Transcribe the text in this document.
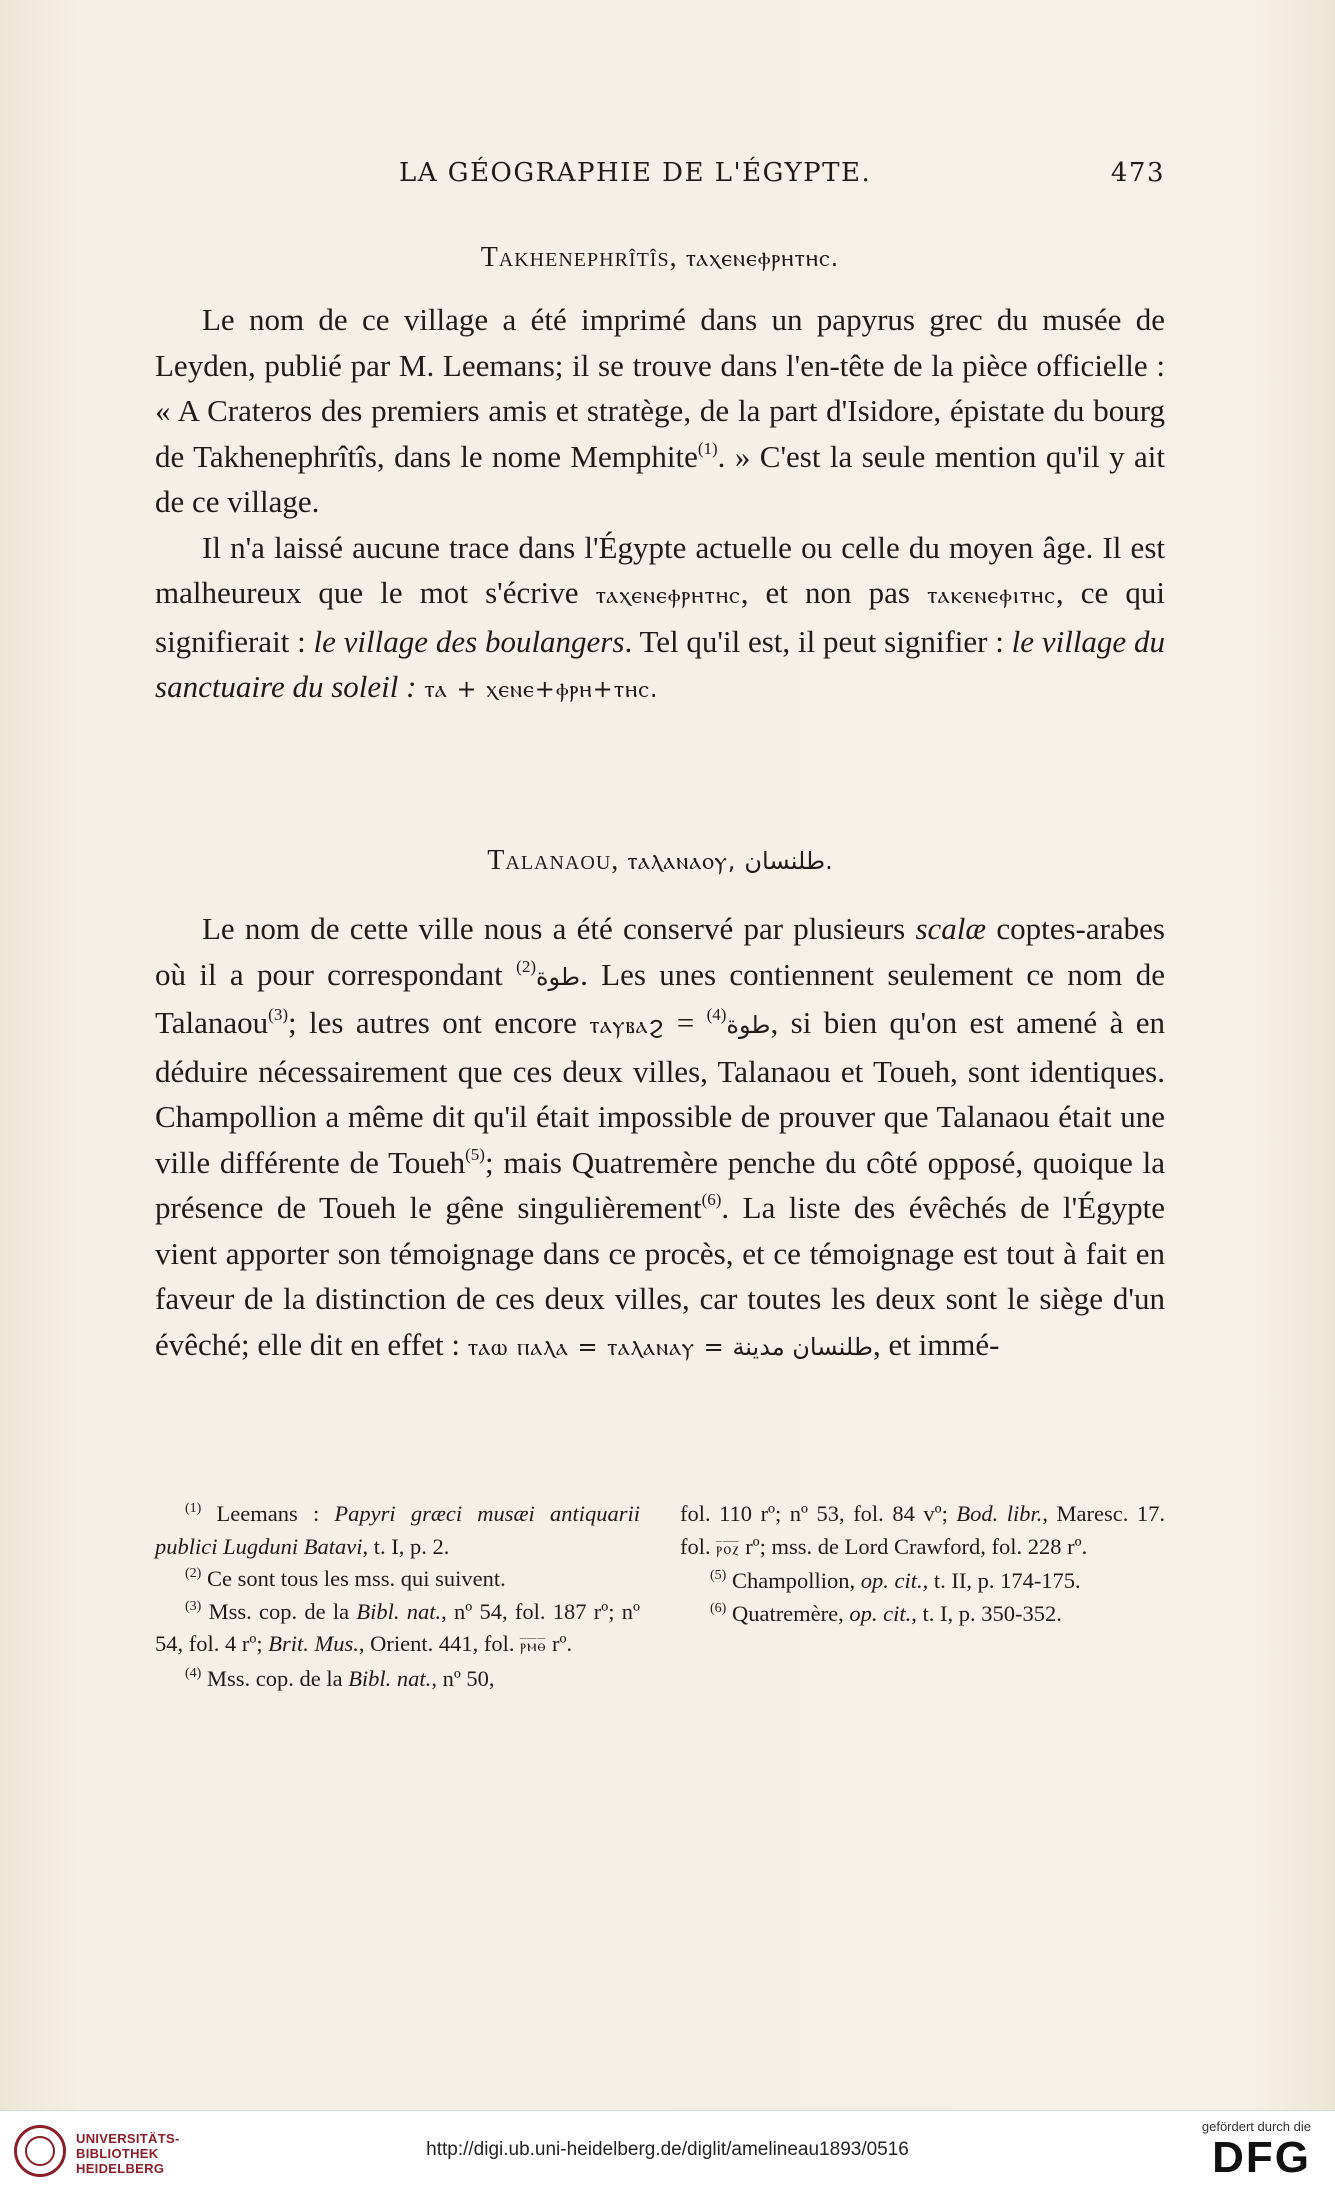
LA GÉOGRAPHIE DE L'ÉGYPTE.	473
Takhenephrîtîs, ⲧⲁⲭⲉⲛⲉⲫⲣⲏⲧⲏⲥ.

Le nom de ce village a été imprimé dans un papyrus grec du musée de Leyden, publié par M. Leemans; il se trouve dans l'en-tête de la pièce officielle : « A Crateros des premiers amis et stratège, de la part d'Isidore, épistate du bourg de Takhenephrîtîs, dans le nome Memphite$^{(1)}$. » C'est la seule mention qu'il y ait de ce village.

Il n'a laissé aucune trace dans l'Égypte actuelle ou celle du moyen âge. Il est malheureux que le mot s'écrive ⲧⲁⲭⲉⲛⲉⲫⲣⲏⲧⲏⲥ, et non pas ⲧⲁⲕⲉⲛⲉⲫⲓⲧⲏⲥ, ce qui signifierait : le village des boulangers. Tel qu'il est, il peut signifier : le village du sanctuaire du soleil : ⲧⲁ + ⲭⲉⲛⲉ+ⲫⲣⲏ+ⲧⲏⲥ.

Talanaou, ⲧⲁⲗⲁⲛⲁⲟⲩ, طلنسان.

Le nom de cette ville nous a été conservé par plusieurs scalæ coptes-arabes où il a pour correspondant طوة$^{(2)}$ . Les unes contiennent seulement ce nom de Talanaou$^{(3)}$; les autres ont encore ⲧⲁⲩⲃⲁϩ = طوة$^{(4)}$ , si bien qu'on est amené à en déduire nécessairement que ces deux villes, Talanaou et Toueh, sont identiques. Champollion a même dit qu'il était impossible de prouver que Talanaou était une ville différente de Toueh$^{(5)}$; mais Quatremère penche du côté opposé, quoique la présence de Toueh le gêne singulièrement$^{(6)}$. La liste des évêchés de l'Égypte vient apporter son témoignage dans ce procès, et ce témoignage est tout à fait en faveur de la distinction de ces deux villes, car toutes les deux sont le siège d'un évêché; elle dit en effet : ⲧⲁⲱ ⲡⲁⲗⲁ = ⲧⲁⲗⲁⲛⲁⲩ = طلنسان مدينة, et immé-

$^{(1)}$ Leemans : Papyri græci musæi antiquarii publici Lugduni Batavi, t. I, p. 2.

$^{(2)}$ Ce sont tous les mss. qui suivent.

$^{(3)}$ Mss. cop. de la Bibl. nat., nº 54, fol. 187 rº; nº 54, fol. 4 rº; Brit. Mus., Orient. 441, fol. ⲣ̅ⲙ̅ⲑ̅ rº.

$^{(4)}$ Mss. cop. de la Bibl. nat., nº 50,

fol. 110 rº; nº 53, fol. 84 vº; Bod. libr., Maresc. 17. fol. ⲣ̅ⲟ̅ⲍ̅ rº; mss. de Lord Crawford, fol. 228 rº.

$^{(5)}$ Champollion, op. cit., t. II, p. 174-175.

$^{(6)}$ Quatremère, op. cit., t. I, p. 350-352.

UNIVERSITÄTS-
BIBLIOTHEK
HEIDELBERG
http://digi.ub.uni-heidelberg.de/diglit/amelineau1893/0516
gefördert durch die
DFG
